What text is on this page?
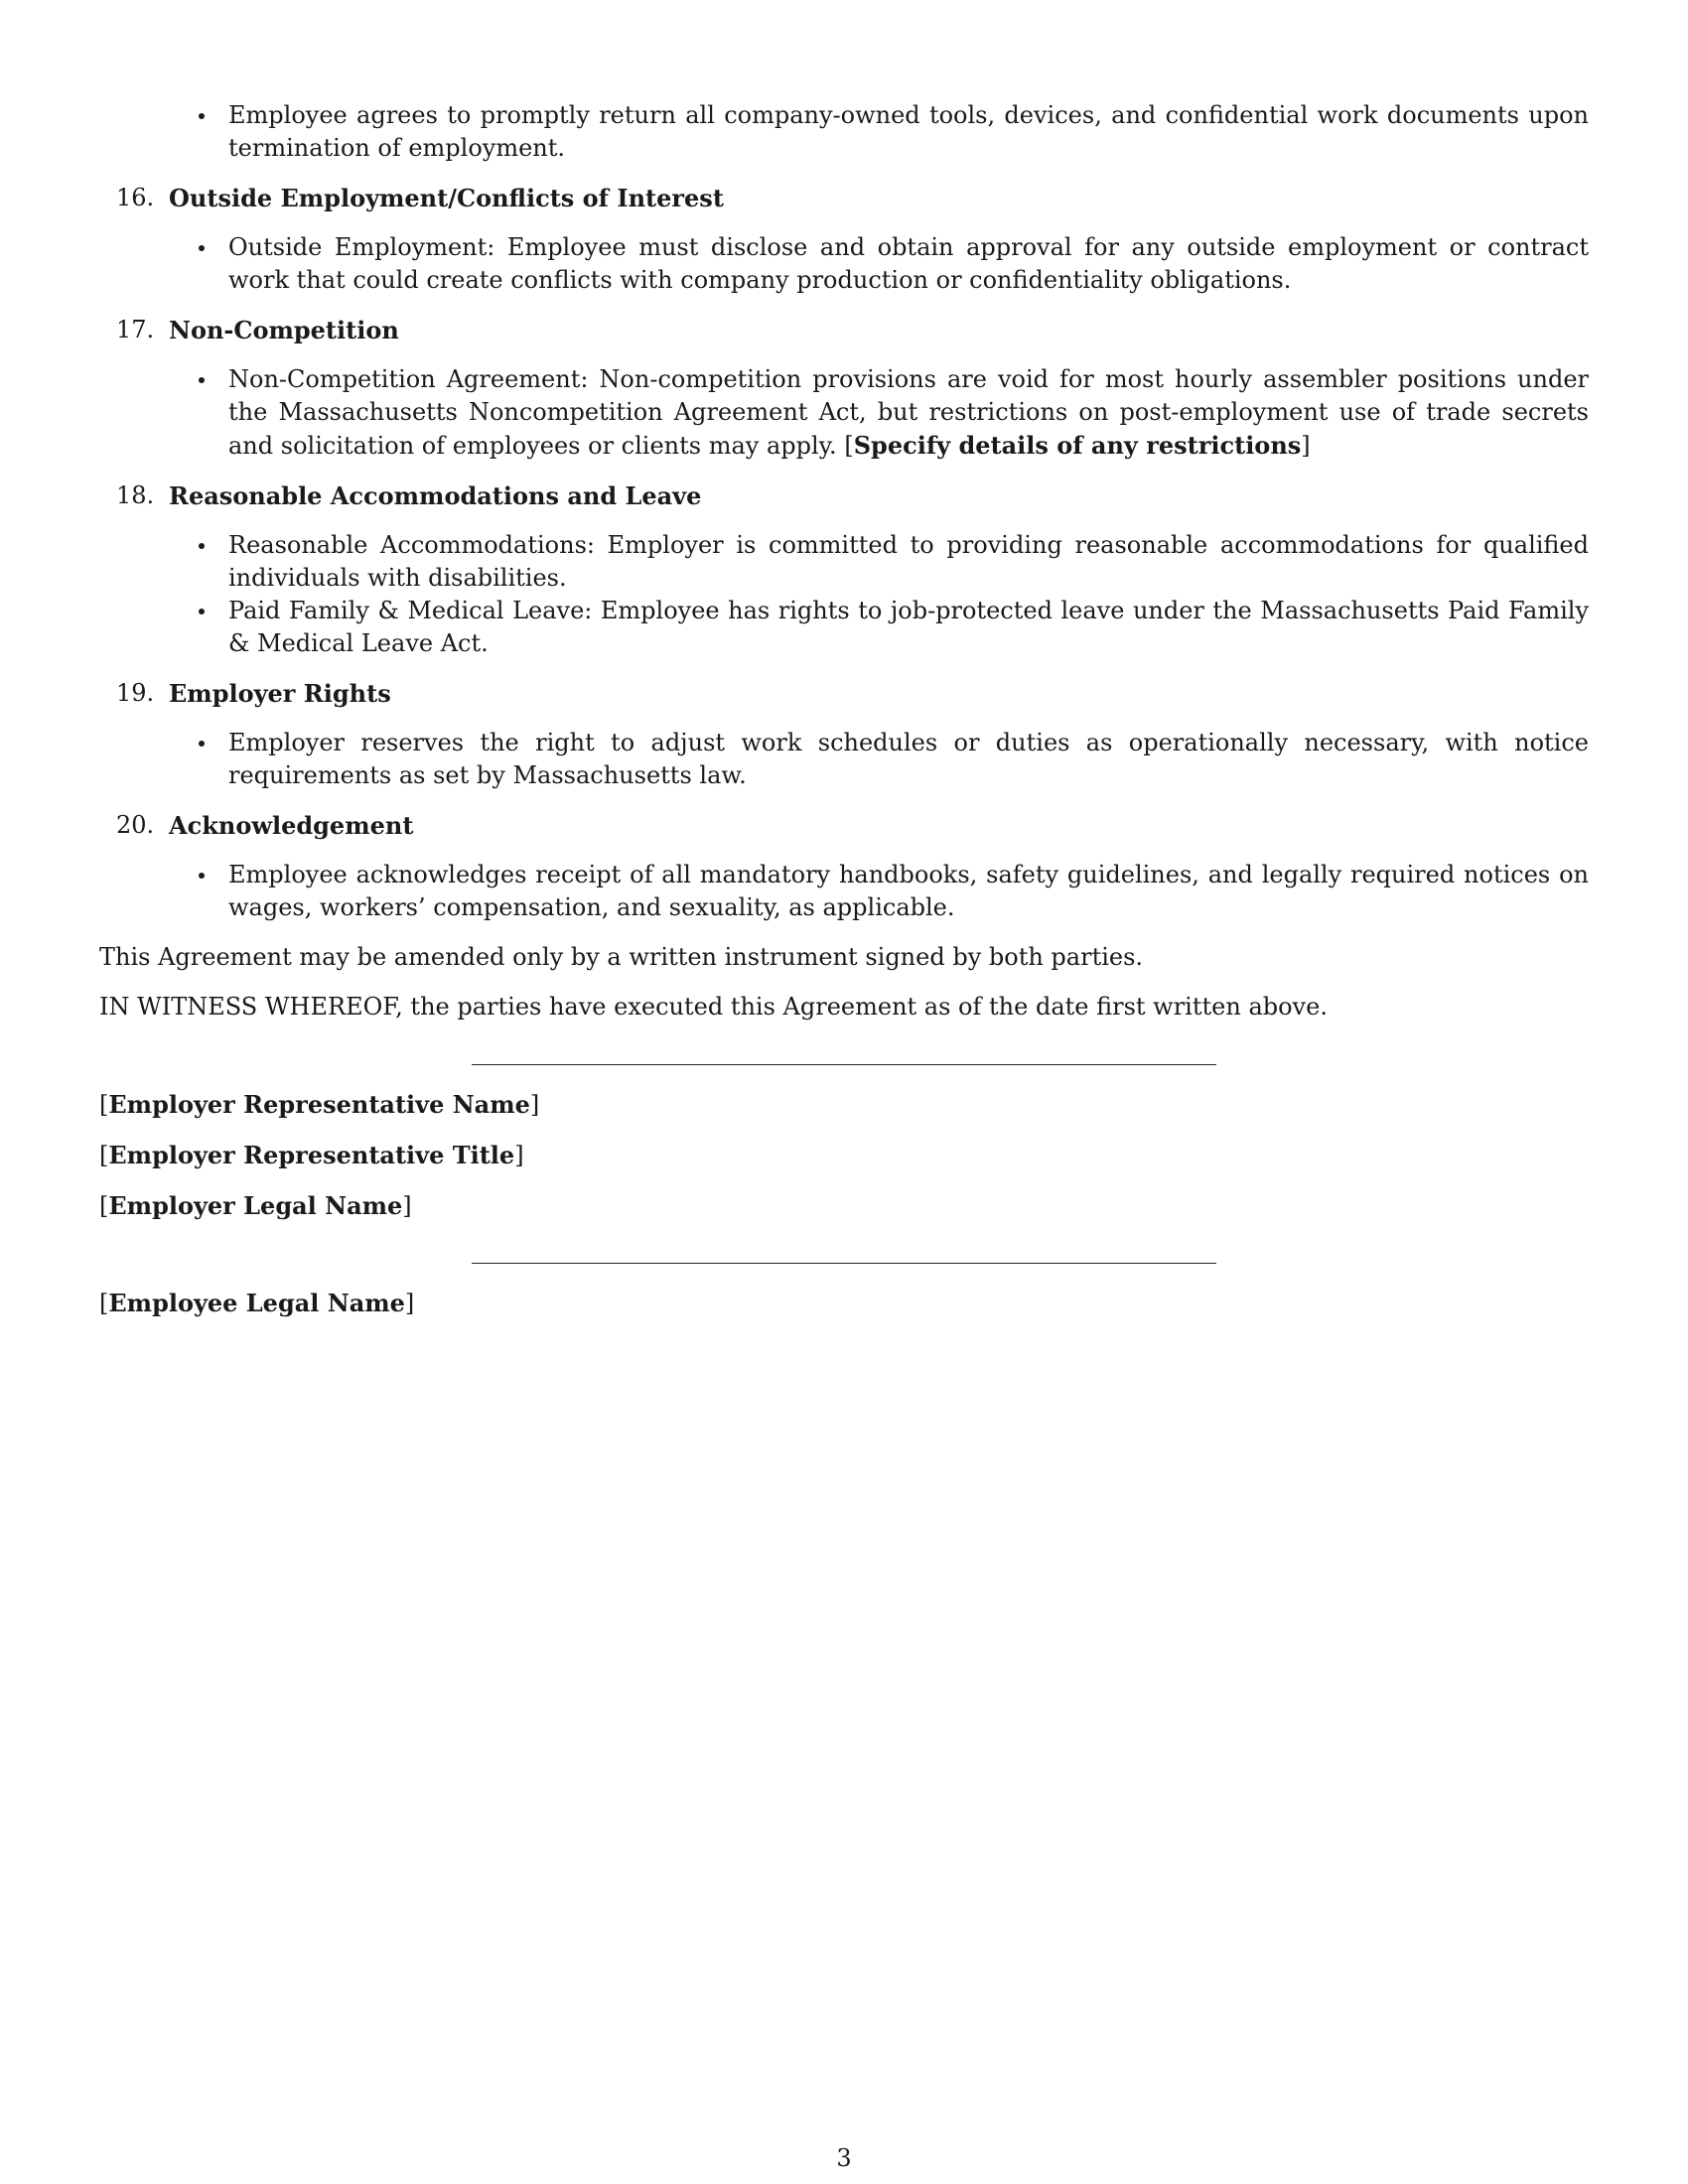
Employee agrees to promptly return all company-owned tools, devices, and confidential work documents upon termination of employment.

16. Outside Employment/Conflicts of Interest

Outside Employment: Employee must disclose and obtain approval for any outside employment or contract work that could create conflicts with company production or confidentiality obligations.

17. Non-Competition

Non-Competition Agreement: Non-competition provisions are void for most hourly assembler positions under the Massachusetts Noncompetition Agreement Act, but restrictions on post-employment use of trade secrets and solicitation of employees or clients may apply. [Specify details of any restrictions]

18. Reasonable Accommodations and Leave

Reasonable Accommodations: Employer is committed to providing reasonable accommodations for qualified individuals with disabilities.

Paid Family & Medical Leave: Employee has rights to job-protected leave under the Massachusetts Paid Family & Medical Leave Act.

19. Employer Rights

Employer reserves the right to adjust work schedules or duties as operationally necessary, with notice requirements as set by Massachusetts law.

20. Acknowledgement

Employee acknowledges receipt of all mandatory handbooks, safety guidelines, and legally required notices on wages, workers’ compensation, and sexuality, as applicable.

This Agreement may be amended only by a written instrument signed by both parties.

IN WITNESS WHEREOF, the parties have executed this Agreement as of the date first written above.

[Employer Representative Name]

[Employer Representative Title]

[Employer Legal Name]

[Employee Legal Name]

3
